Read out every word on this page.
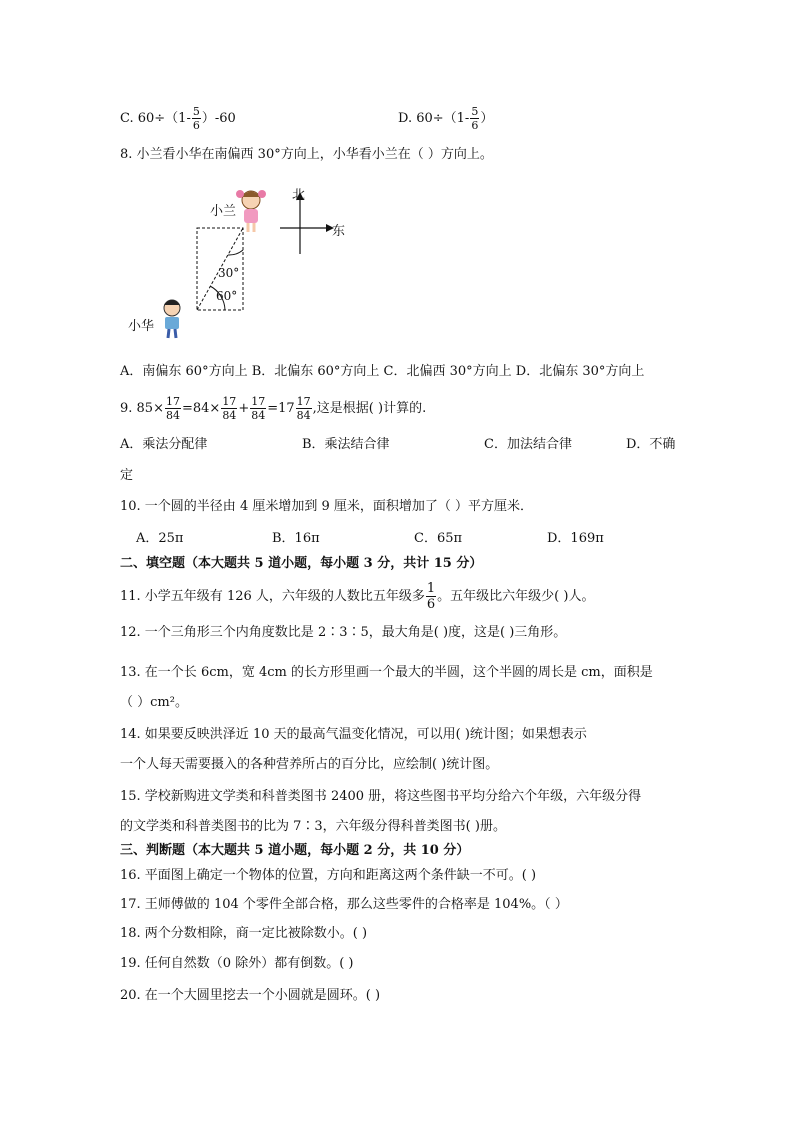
C. $60\div(1- \frac{5}{6} )-60$	D. $60\div(1- \frac{5}{6}$ ）
8. 小兰看小华在南偏西 30°方向上，小华看小兰在（ ）方向上。
小兰
小华
北
东
30°
60°
A．南偏东 60°方向上 B．北偏东 60°方向上 C．北偏西 30°方向上 D．北偏东 30°方向上
9. $85\times \frac{17}{84} =84\times \frac{17}{84} + \frac{17}{84} =17 \frac{17}{84}$ ,这是根据( )计算的.
A．乘法分配律	B．乘法结合律	C．加法结合律	D．不确
定
10. 一个圆的半径由 4 厘米增加到 9 厘米，面积增加了（ ）平方厘米．
A．25π	B．16π	C．65π	D．169π
二、填空题（本大题共 5 道小题，每小题 3 分，共计 15 分）
11. 小学五年级有 126 人，六年级的人数比五年级多 $\frac{1}{6}$ 。五年级比六年级少( )人。
12. 一个三角形三个内角度数比是 2∶3∶5，最大角是( )度，这是( )三角形。
13. 在一个长 6cm，宽 4cm 的长方形里画一个最大的半圆，这个半圆的周长是 cm，面积是
（ ）cm²。
14. 如果要反映洪泽近 10 天的最高气温变化情况，可以用( )统计图；如果想表示
一个人每天需要摄入的各种营养所占的百分比，应绘制( )统计图。
15. 学校新购进文学类和科普类图书 2400 册，将这些图书平均分给六个年级，六年级分得
的文学类和科普类图书的比为 7∶3，六年级分得科普类图书( )册。
三、判断题（本大题共 5 道小题，每小题 2 分，共 10 分）
16. 平面图上确定一个物体的位置，方向和距离这两个条件缺一不可。( )
17. 王师傅做的 104 个零件全部合格，那么这些零件的合格率是 104%。（ ）
18. 两个分数相除，商一定比被除数小。( )
19. 任何自然数（0 除外）都有倒数。( )
20. 在一个大圆里挖去一个小圆就是圆环。( )
